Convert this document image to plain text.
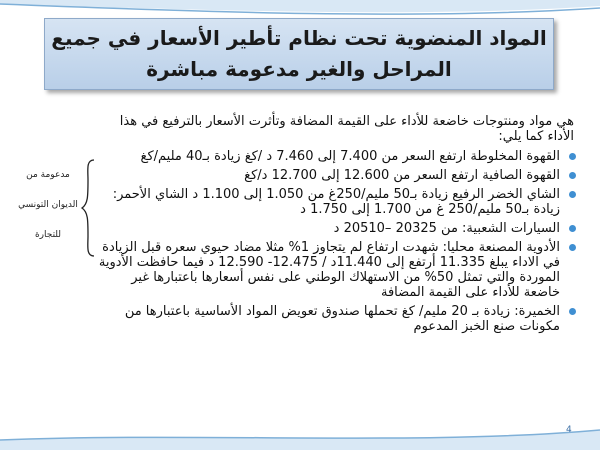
المواد المنضوية تحت نظام تأطير الأسعار في جميع المراحل والغير مدعومة مباشرة

هي مواد ومنتوجات خاضعة للأداء على القيمة المضافة وتأثرت الأسعار بالترفيع في هذا الأداء كما يلي:

القهوة المخلوطة ارتفع السعر من 7.400 إلى 7.460 د /كغ زيادة بـ40 مليم/كغ
القهوة الصافية ارتفع السعر من 12.600 إلى 12.700 د/كغ
الشاي الخضر الرفيع زيادة بـ50 مليم/250غ من 1.050 إلى 1.100 د الشاي الأحمر: زيادة بـ50 مليم/250 غ من 1.700 إلى 1.750 د
السيارات الشعبية: من 20325 –20510 د
الأدوية المصنعة محليا: شهدت ارتفاع لم يتجاوز 1% مثلا مضاد حيوي سعره قبل الزيادة في الاداء يبلغ 11.335 أرتفع إلى 11.440د / 12.475- 12.590 د فيما حافظت الأدوية الموردة والتي تمثل 50% من الاستهلاك الوطني على نفس أسعارها باعتبارها غير خاضعة للأداء على القيمة المضافة
الخميرة: زيادة بـ 20 مليم/ كغ تحملها صندوق تعويض المواد الأساسية باعتبارها من مكونات صنع الخبز المدعوم
مدعومة من
الديوان التونسي
للتجارة
4
